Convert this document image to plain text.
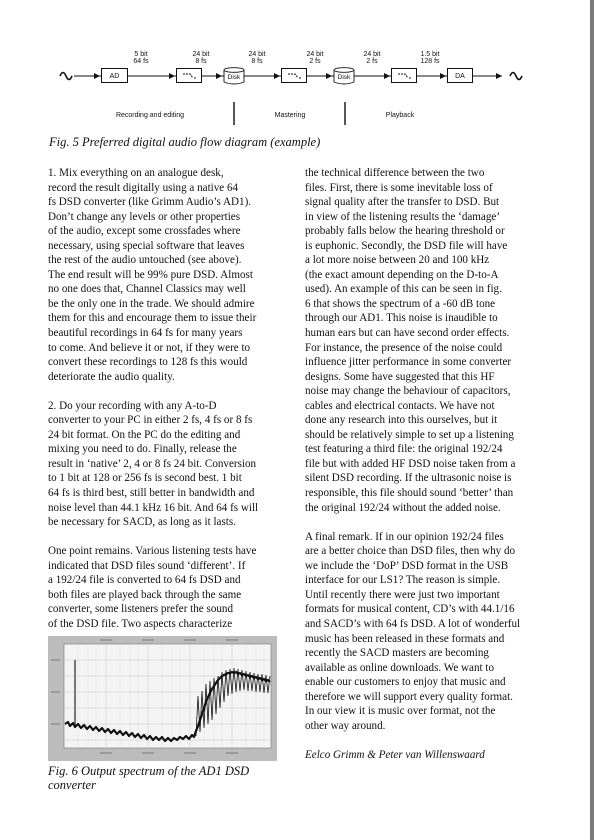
5 bit
64 fs
24 bit
8 fs
24 bit
8 fs
24 bit
2 fs
24 bit
2 fs
1.5 bit
128 fs
AD	Disk	Disk	DA
Recording and editing	Mastering	Playback
Fig. 5 Preferred digital audio flow diagram (example)

1. Mix everything on an analogue desk,
record the result digitally using a native 64
fs DSD converter (like Grimm Audio’s AD1).
Don’t change any levels or other properties
of the audio, except some crossfades where
necessary, using special software that leaves
the rest of the audio untouched (see above).
The end result will be 99% pure DSD. Almost
no one does that, Channel Classics may well
be the only one in the trade. We should admire
them for this and encourage them to issue their
beautiful recordings in 64 fs for many years
to come. And believe it or not, if they were to
convert these recordings to 128 fs this would
deteriorate the audio quality.

2. Do your recording with any A-to-D
converter to your PC in either 2 fs, 4 fs or 8 fs
24 bit format. On the PC do the editing and
mixing you need to do. Finally, release the
result in ‘native’ 2, 4 or 8 fs 24 bit. Conversion
to 1 bit at 128 or 256 fs is second best. 1 bit
64 fs is third best, still better in bandwidth and
noise level than 44.1 kHz 16 bit. And 64 fs will
be necessary for SACD, as long as it lasts.

One point remains. Various listening tests have
indicated that DSD files sound ‘different’. If
a 192/24 file is converted to 64 fs DSD and
both files are played back through the same
converter, some listeners prefer the sound
of the DSD file. Two aspects characterize

the technical difference between the two
files. First, there is some inevitable loss of
signal quality after the transfer to DSD. But
in view of the listening results the ‘damage’
probably falls below the hearing threshold or
is euphonic. Secondly, the DSD file will have
a lot more noise between 20 and 100 kHz
(the exact amount depending on the D-to-A
used). An example of this can be seen in fig.
6 that shows the spectrum of a -60 dB tone
through our AD1. This noise is inaudible to
human ears but can have second order effects.
For instance, the presence of the noise could
influence jitter performance in some converter
designs. Some have suggested that this HF
noise may change the behaviour of capacitors,
cables and electrical contacts. We have not
done any research into this ourselves, but it
should be relatively simple to set up a listening
test featuring a third file: the original 192/24
file but with added HF DSD noise taken from a
silent DSD recording. If the ultrasonic noise is
responsible, this file should sound ‘better’ than
the original 192/24 without the added noise.

A final remark. If in our opinion 192/24 files
are a better choice than DSD files, then why do
we include the ‘DoP’ DSD format in the USB
interface for our LS1? The reason is simple.
Until recently there were just two important
formats for musical content, CD’s with 44.1/16
and SACD’s with 64 fs DSD. A lot of wonderful
music has been released in these formats and
recently the SACD masters are becoming
available as online downloads. We want to
enable our customers to enjoy that music and
therefore we will support every quality format.
In our view it is music over format, not the
other way around.

Eelco Grimm & Peter van Willenswaard

Fig. 6 Output spectrum of the AD1 DSD
converter
